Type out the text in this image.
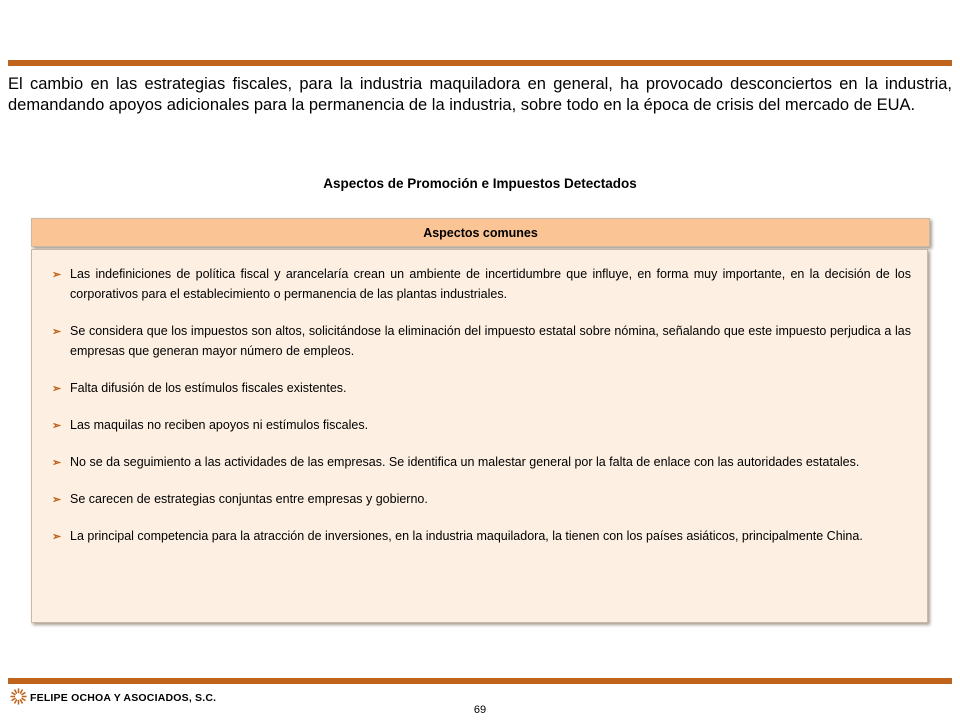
El cambio en las estrategias fiscales, para la industria maquiladora en general, ha provocado desconciertos en la industria, demandando apoyos adicionales para la permanencia de la industria, sobre todo en la época de crisis del mercado de EUA.

Aspectos de Promoción e Impuestos Detectados
Aspectos comunes
➢ Las indefiniciones de política fiscal y arancelaría crean un ambiente de incertidumbre que influye, en forma muy importante, en la decisión de los corporativos para el establecimiento o permanencia de las plantas industriales.
➢ Se considera que los impuestos son altos, solicitándose la eliminación del impuesto estatal sobre nómina, señalando que este impuesto perjudica a las empresas que generan mayor número de empleos.
➢ Falta difusión de los estímulos fiscales existentes.
➢ Las maquilas no reciben apoyos ni estímulos fiscales.
➢ No se da seguimiento a las actividades de las empresas. Se identifica un malestar general por la falta de enlace con las autoridades estatales.
➢ Se carecen de estrategias conjuntas entre empresas y gobierno.
➢ La principal competencia para la atracción de inversiones, en la industria maquiladora, la tienen con los países asiáticos, principalmente China.
FELIPE OCHOA Y ASOCIADOS, S.C.
69
